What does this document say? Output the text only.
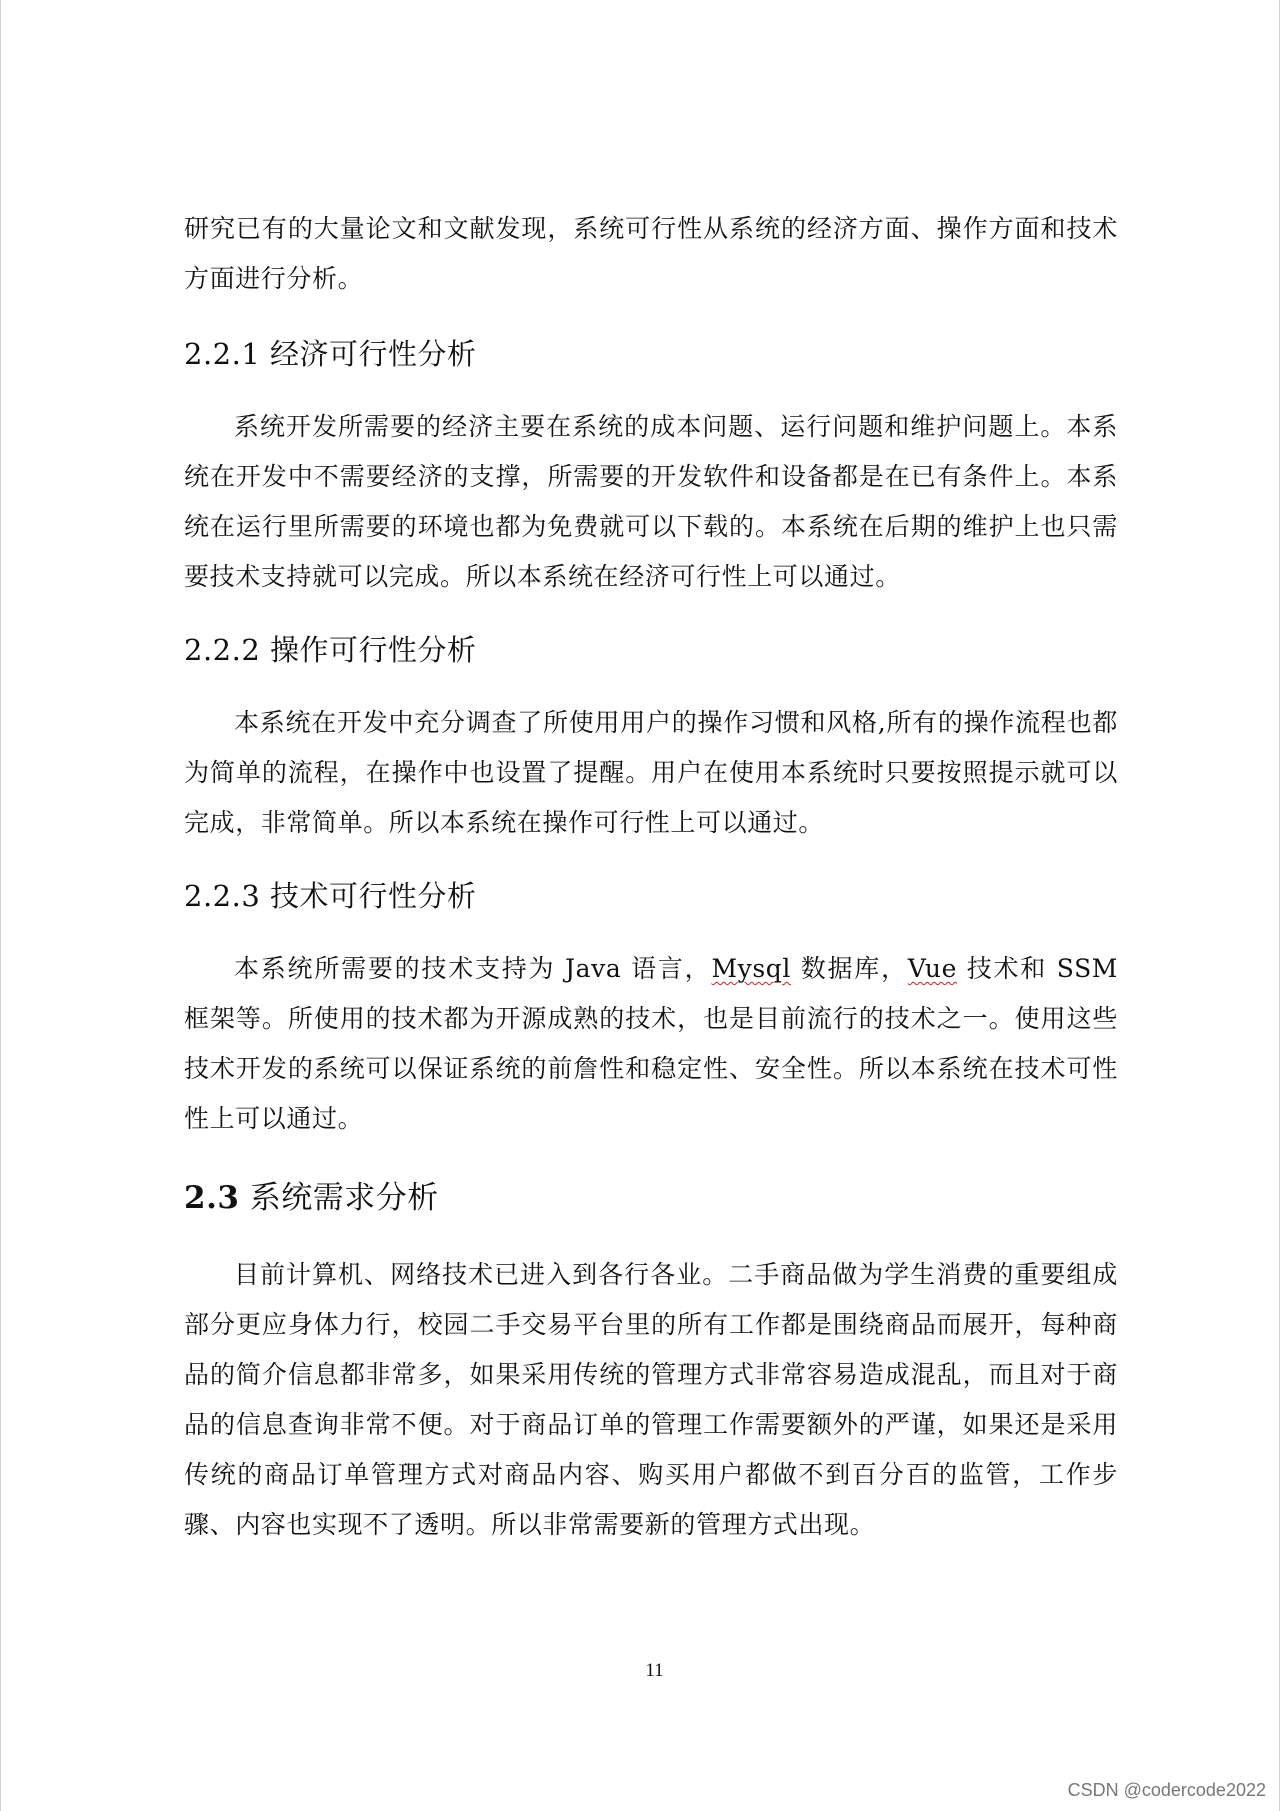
研究已有的大量论文和文献发现，系统可行性从系统的经济方面、操作方面和技术方面进行分析。

2.2.1 经济可行性分析

系统开发所需要的经济主要在系统的成本问题、运行问题和维护问题上。本系统在开发中不需要经济的支撑，所需要的开发软件和设备都是在已有条件上。本系统在运行里所需要的环境也都为免费就可以下载的。本系统在后期的维护上也只需要技术支持就可以完成。所以本系统在经济可行性上可以通过。

2.2.2 操作可行性分析

本系统在开发中充分调查了所使用用户的操作习惯和风格,所有的操作流程也都为简单的流程，在操作中也设置了提醒。用户在使用本系统时只要按照提示就可以完成，非常简单。所以本系统在操作可行性上可以通过。

2.2.3 技术可行性分析

本系统所需要的技术支持为 Java 语言，Mysql 数据库，Vue 技术和 SSM 框架等。所使用的技术都为开源成熟的技术，也是目前流行的技术之一。使用这些技术开发的系统可以保证系统的前詹性和稳定性、安全性。所以本系统在技术可性性上可以通过。

2.3 系统需求分析

目前计算机、网络技术已进入到各行各业。二手商品做为学生消费的重要组成部分更应身体力行，校园二手交易平台里的所有工作都是围绕商品而展开，每种商品的简介信息都非常多，如果采用传统的管理方式非常容易造成混乱，而且对于商品的信息查询非常不便。对于商品订单的管理工作需要额外的严谨，如果还是采用传统的商品订单管理方式对商品内容、购买用户都做不到百分百的监管，工作步骤、内容也实现不了透明。所以非常需要新的管理方式出现。

11
CSDN @codercode2022
